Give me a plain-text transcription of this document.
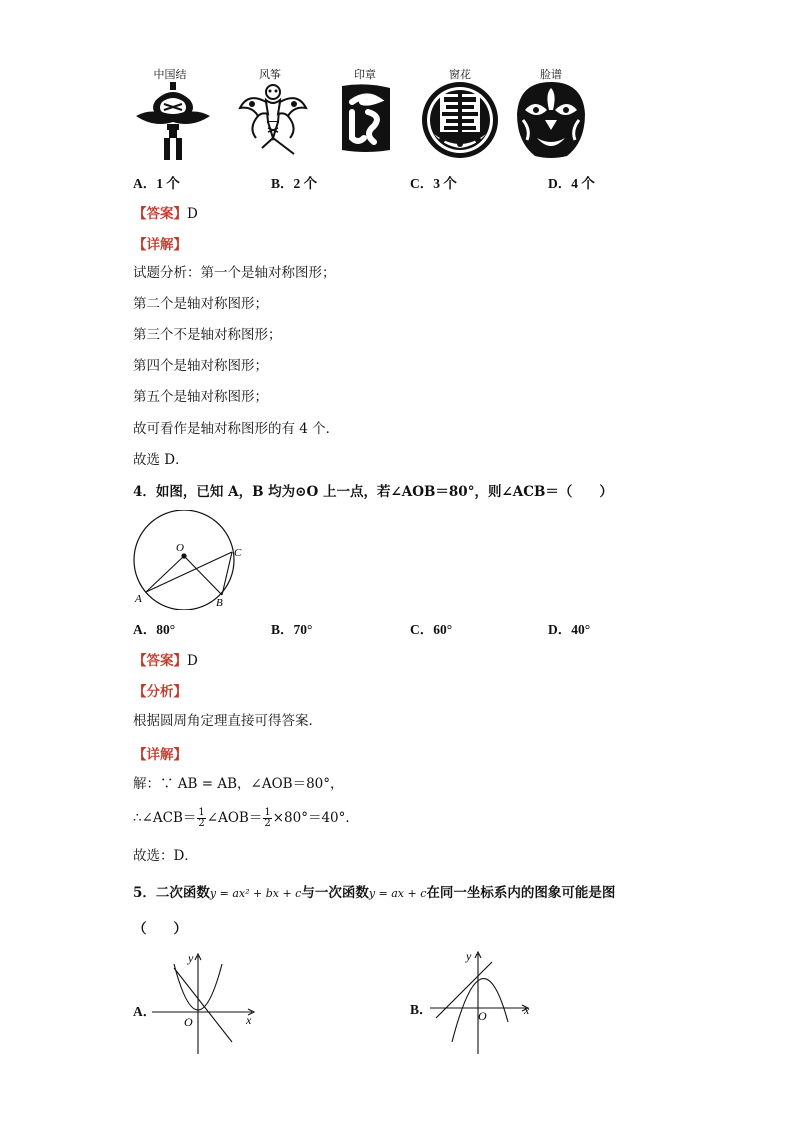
中国结	风筝	印章	窗花	脸谱
A．1 个	B．2 个	C．3 个	D．4 个
【答案】D
【详解】
试题分析：第一个是轴对称图形；
第二个是轴对称图形；
第三个不是轴对称图形；
第四个是轴对称图形；
第五个是轴对称图形；
故可看作是轴对称图形的有 4 个．
故选 D．
4．如图，已知 A，B 均为⊙O 上一点，若∠AOB＝80°，则∠ACB＝（　　）
O
A	B
C
A．80°	B．70°	C．60°	D．40°
【答案】D
【分析】
根据圆周角定理直接可得答案．
【详解】
解：∵ AB = AB，∠AOB＝80°，
∴∠ACB＝ $\frac{1}{2}$ ∠AOB＝ $\frac{1}{2} \times 80^\circ=40^\circ$．
故选：D．
5．二次函数y = ax² + bx + c与一次函数y = ax + c在同一坐标系内的图象可能是图
（　　）
A．
y
x
O
B．
y
x
O
